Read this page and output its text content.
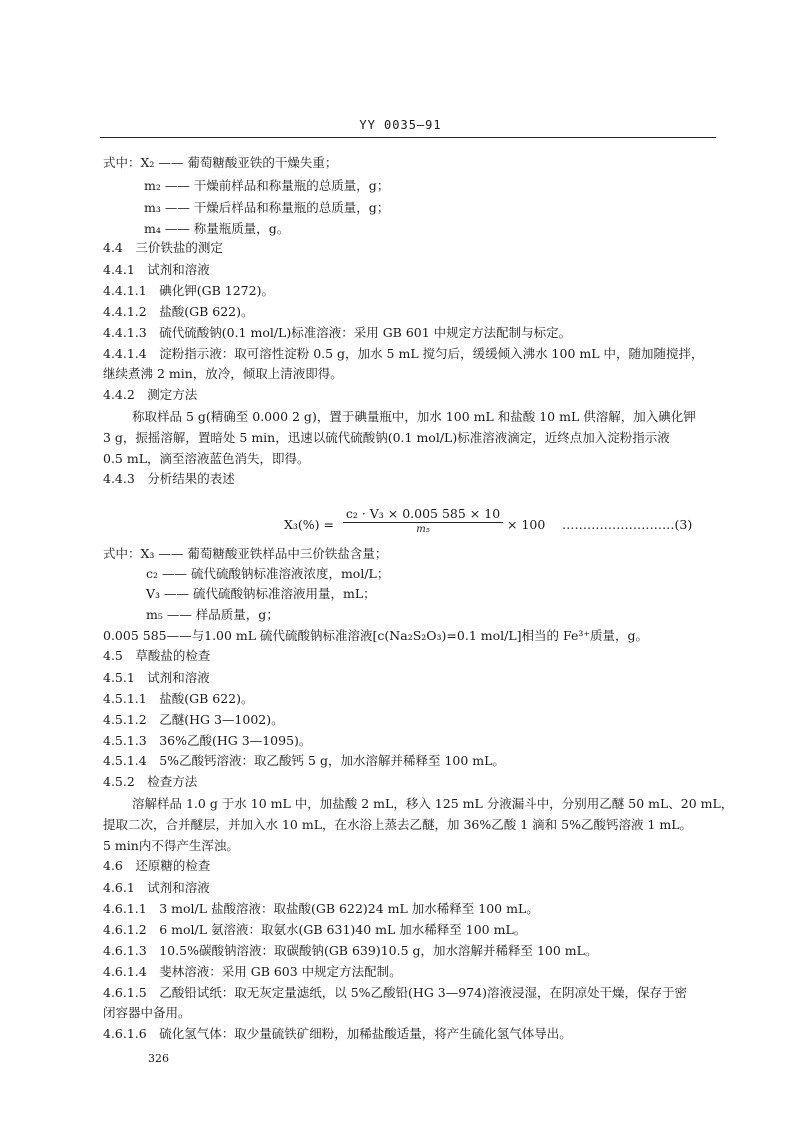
YY 0035—91
式中：X₂ —— 葡萄糖酸亚铁的干燥失重；
m₂ —— 干燥前样品和称量瓶的总质量，g；
m₃ —— 干燥后样品和称量瓶的总质量，g；
m₄ —— 称量瓶质量，g。
4.4　三价铁盐的测定
4.4.1　试剂和溶液
4.4.1.1　碘化钾(GB 1272)。
4.4.1.2　盐酸(GB 622)。
4.4.1.3　硫代硫酸钠(0.1 mol/L)标准溶液：采用 GB 601 中规定方法配制与标定。
4.4.1.4　淀粉指示液：取可溶性淀粉 0.5 g，加水 5 mL 搅匀后，缓缓倾入沸水 100 mL 中，随加随搅拌，
继续煮沸 2 min，放冷，倾取上清液即得。
4.4.2　测定方法
称取样品 5 g(精确至 0.000 2 g)，置于碘量瓶中，加水 100 mL 和盐酸 10 mL 供溶解，加入碘化钾
3 g，振摇溶解，置暗处 5 min，迅速以硫代硫酸钠(0.1 mol/L)标准溶液滴定，近终点加入淀粉指示液
0.5 mL，滴至溶液蓝色消失，即得。
4.4.3　分析结果的表述
X₃(%) =
c₂ · V₃ × 0.005 585 × 10
m₅	× 100 ………………………(3)
式中：X₃ —— 葡萄糖酸亚铁样品中三价铁盐含量；
c₂ —— 硫代硫酸钠标准溶液浓度，mol/L；
V₃ —— 硫代硫酸钠标准溶液用量，mL；
m₅ —— 样品质量，g；
0.005 585——与1.00 mL 硫代硫酸钠标准溶液[c(Na₂S₂O₃)=0.1 mol/L]相当的 Fe³⁺质量，g。
4.5　草酸盐的检查
4.5.1　试剂和溶液
4.5.1.1　盐酸(GB 622)。
4.5.1.2　乙醚(HG 3—1002)。
4.5.1.3　36%乙酸(HG 3—1095)。
4.5.1.4　5%乙酸钙溶液：取乙酸钙 5 g，加水溶解并稀释至 100 mL。
4.5.2　检查方法
溶解样品 1.0 g 于水 10 mL 中，加盐酸 2 mL，移入 125 mL 分液漏斗中，分别用乙醚 50 mL、20 mL，
提取二次，合并醚层，并加入水 10 mL，在水浴上蒸去乙醚，加 36%乙酸 1 滴和 5%乙酸钙溶液 1 mL。
5 min内不得产生浑浊。
4.6　还原糖的检查
4.6.1　试剂和溶液
4.6.1.1　3 mol/L 盐酸溶液：取盐酸(GB 622)24 mL 加水稀释至 100 mL。
4.6.1.2　6 mol/L 氨溶液：取氨水(GB 631)40 mL 加水稀释至 100 mL。
4.6.1.3　10.5%碳酸钠溶液：取碳酸钠(GB 639)10.5 g，加水溶解并稀释至 100 mL。
4.6.1.4　斐林溶液：采用 GB 603 中规定方法配制。
4.6.1.5　乙酸铅试纸：取无灰定量滤纸，以 5%乙酸铅(HG 3—974)溶液浸湿，在阴凉处干燥，保存于密
闭容器中备用。
4.6.1.6　硫化氢气体：取少量硫铁矿细粉，加稀盐酸适量，将产生硫化氢气体导出。
326
